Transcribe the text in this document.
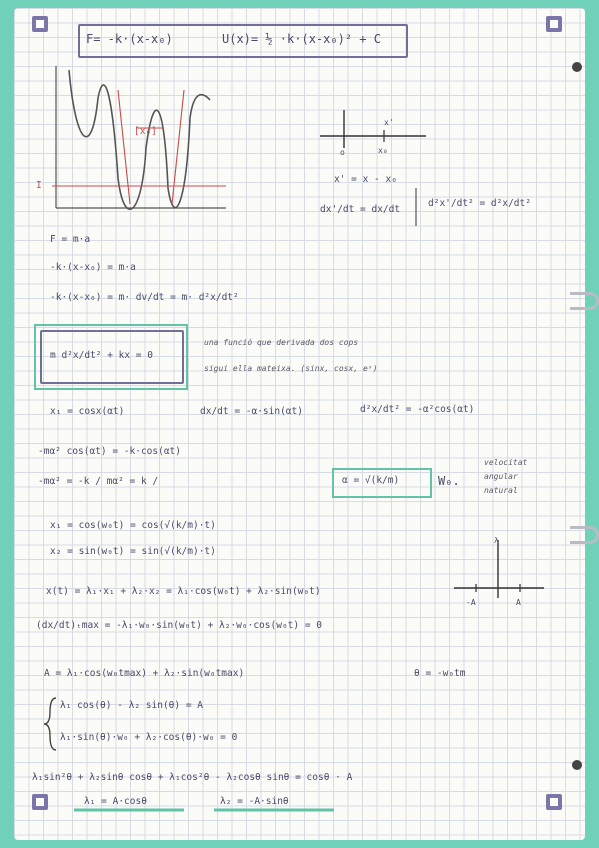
F= -k·(x-x₀)	U(x)= ½ ·k·(x-x₀)² + C
[x₀]
I
o	x₀
x'
x' = x - x₀
dx'/dt = dx/dt
d²x'/dt² = d²x/dt²
F = m·a
-k·(x-x₀) = m·a
-k·(x-x₀) = m· dv/dt = m· d²x/dt²
m d²x/dt² + kx = 0
una funció que derivada dos cops
sigui ella mateixa. (sinx, cosx, eˣ)
x₁ = cosx(αt)	dx/dt = -α·sin(αt)	d²x/dt² = -α²cos(αt)
-mα² cos(αt) = -k·cos(αt)
-mα² = -k / mα² = k /	α = √(k/m)	W₀.
velocitat
angular
natural
x₁ = cos(w₀t) = cos(√(k/m)·t)
x₂ = sin(w₀t) = sin(√(k/m)·t)
x(t) = λ₁·x₁ + λ₂·x₂ = λ₁·cos(w₀t) + λ₂·sin(w₀t)
(dx/dt)ₜmax = -λ₁·w₀·sin(w₀t) + λ₂·w₀·cos(w₀t) = 0
λ
-A	A
A = λ₁·cos(w₀tmax) + λ₂·sin(w₀tmax)	θ = -w₀tm
λ₁ cos(θ) - λ₂ sin(θ) = A
λ₁·sin(θ)·w₀ + λ₂·cos(θ)·w₀ = 0
λ₁sin²θ + λ₂sinθ cosθ + λ₁cos²θ - λ₂cosθ sinθ = cosθ · A
λ₁ = A·cosθ	λ₂ = -A·sinθ
